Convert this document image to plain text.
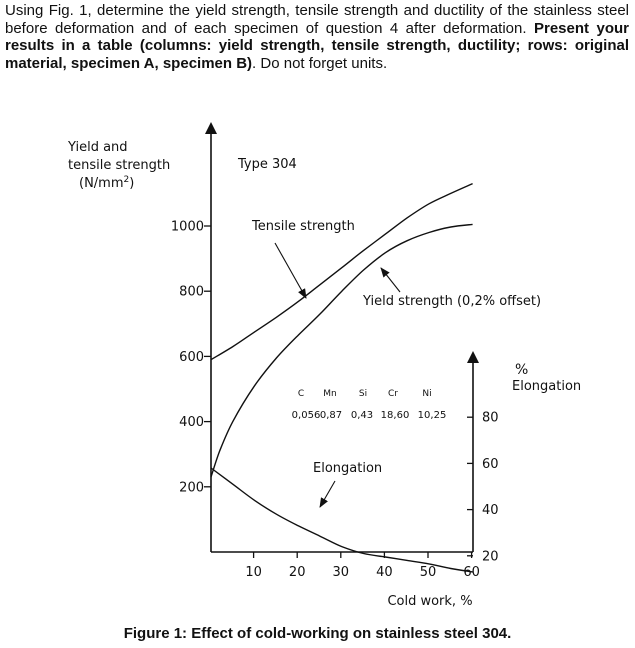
Using Fig. 1, determine the yield strength, tensile strength and ductility of the stainless steel before deformation and of each specimen of question 4 after deformation. Present your results in a table (columns: yield strength, tensile strength, ductility; rows: original material, specimen A, specimen B). Do not forget units.

Yield and
tensile strength
$(N/mm^2)$
Type 304
1000
800
600
400
200
80
60
40
20
10 20 30 40 50 60
%
Elongation
Cold work, %
Tensile strength
Yield strength (0,2% offset)
Elongation
C Mn Si Cr	Ni
0,056 0,87 0,43 18,60 10,25
Figure 1: Effect of cold-working on stainless steel 304.
